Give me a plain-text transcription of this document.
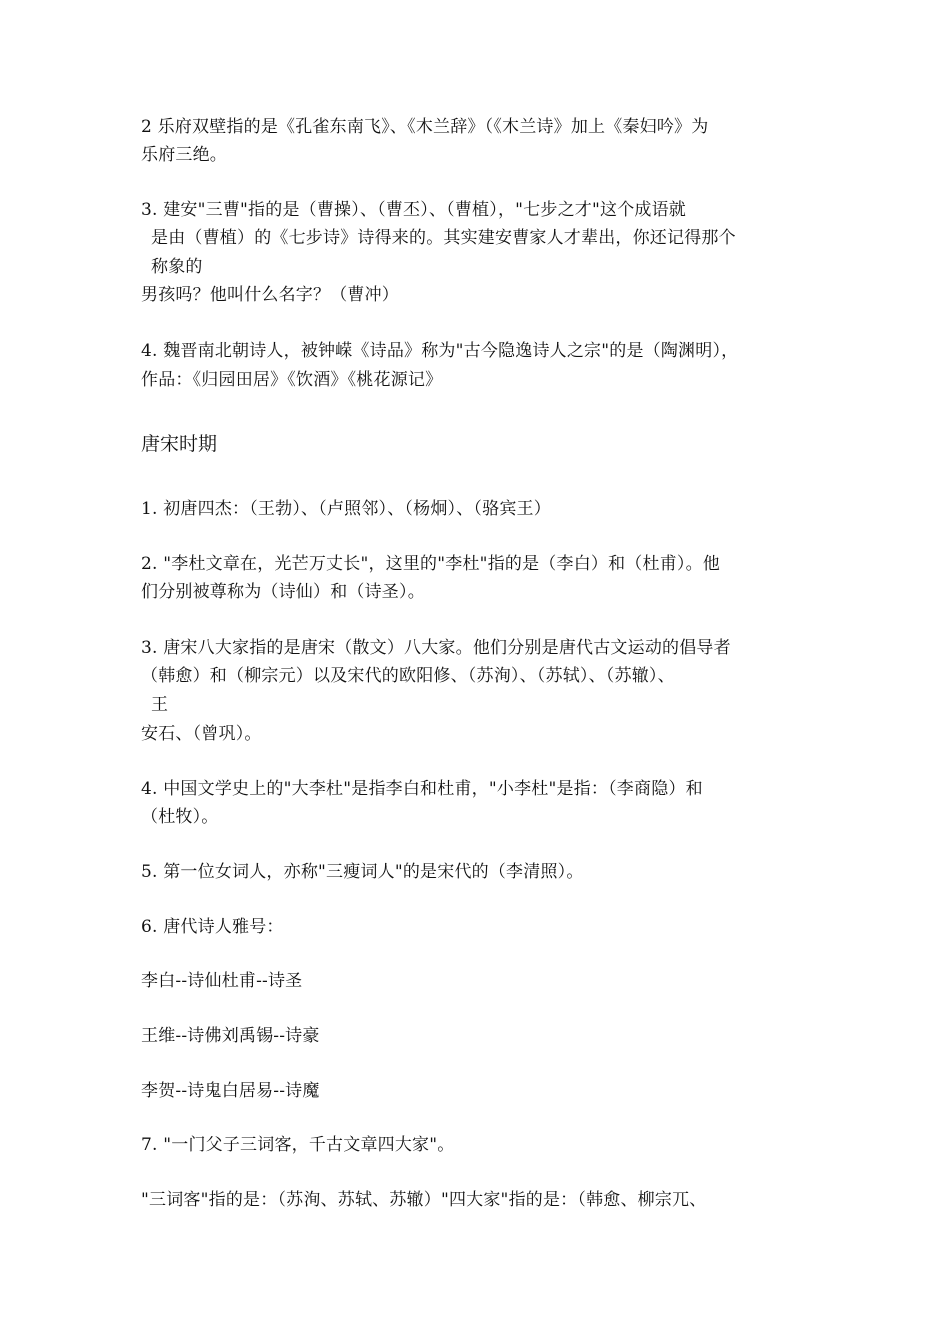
2 乐府双壁指的是《孔雀东南飞》、《木兰辞》（《木兰诗》加上《秦妇吟》为
乐府三绝。
3. 建安"三曹"指的是（曹操）、（曹丕）、（曹植），"七步之才"这个成语就
是由（曹植）的《七步诗》诗得来的。其实建安曹家人才辈出，你还记得那个
称象的
男孩吗？他叫什么名字？（曹冲）
4. 魏晋南北朝诗人，被钟嵘《诗品》称为"古今隐逸诗人之宗"的是（陶渊明），
作品：《归园田居》《饮酒》《桃花源记》
唐宋时期
1. 初唐四杰：（王勃）、（卢照邻）、（杨炯）、（骆宾王）
2. "李杜文章在，光芒万丈长"，这里的"李杜"指的是（李白）和（杜甫）。他
们分别被尊称为（诗仙）和（诗圣）。
3. 唐宋八大家指的是唐宋（散文）八大家。他们分别是唐代古文运动的倡导者
（韩愈）和（柳宗元）以及宋代的欧阳修、（苏洵）、（苏轼）、（苏辙）、
王
安石、（曾巩）。
4. 中国文学史上的"大李杜"是指李白和杜甫，"小李杜"是指：（李商隐）和
（杜牧）。
5. 第一位女词人，亦称"三瘦词人"的是宋代的（李清照）。
6. 唐代诗人雅号：
李白--诗仙杜甫--诗圣
王维--诗佛刘禹锡--诗豪
李贺--诗鬼白居易--诗魔
7. "一门父子三词客，千古文章四大家"。
"三词客"指的是：（苏洵、苏轼、苏辙）"四大家"指的是：（韩愈、柳宗兀、
